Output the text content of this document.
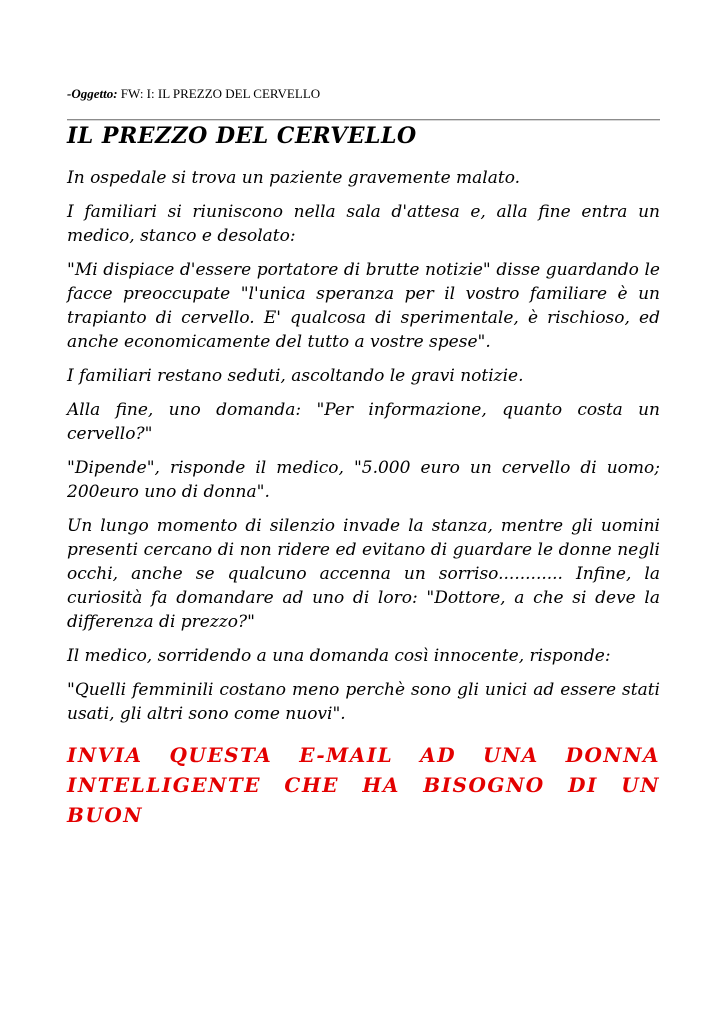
-Oggetto: FW: I: IL PREZZO DEL CERVELLO
IL PREZZO DEL CERVELLO

In ospedale si trova un paziente gravemente malato.

I familiari si riuniscono nella sala d'attesa e, alla fine entra un medico, stanco e desolato:

"Mi dispiace d'essere portatore di brutte notizie" disse guardando le facce preoccupate "l'unica speranza per il vostro familiare è un trapianto di cervello. E' qualcosa di sperimentale, è rischioso, ed anche economicamente del tutto a vostre spese".

I familiari restano seduti, ascoltando le gravi notizie.

Alla fine, uno domanda: "Per informazione, quanto costa un cervello?"

"Dipende", risponde il medico, "5.000 euro un cervello di uomo; 200euro uno di donna".

Un lungo momento di silenzio invade la stanza, mentre gli uomini presenti cercano di non ridere ed evitano di guardare le donne negli occhi, anche se qualcuno accenna un sorriso............ Infine, la curiosità fa domandare ad uno di loro: "Dottore, a che si deve la differenza di prezzo?"

Il medico, sorridendo a una domanda così innocente, risponde:

"Quelli femminili costano meno perchè sono gli unici ad essere stati usati, gli altri sono come nuovi".

INVIA QUESTA E-MAIL AD UNA DONNA INTELLIGENTE CHE HA BISOGNO DI UN BUON
